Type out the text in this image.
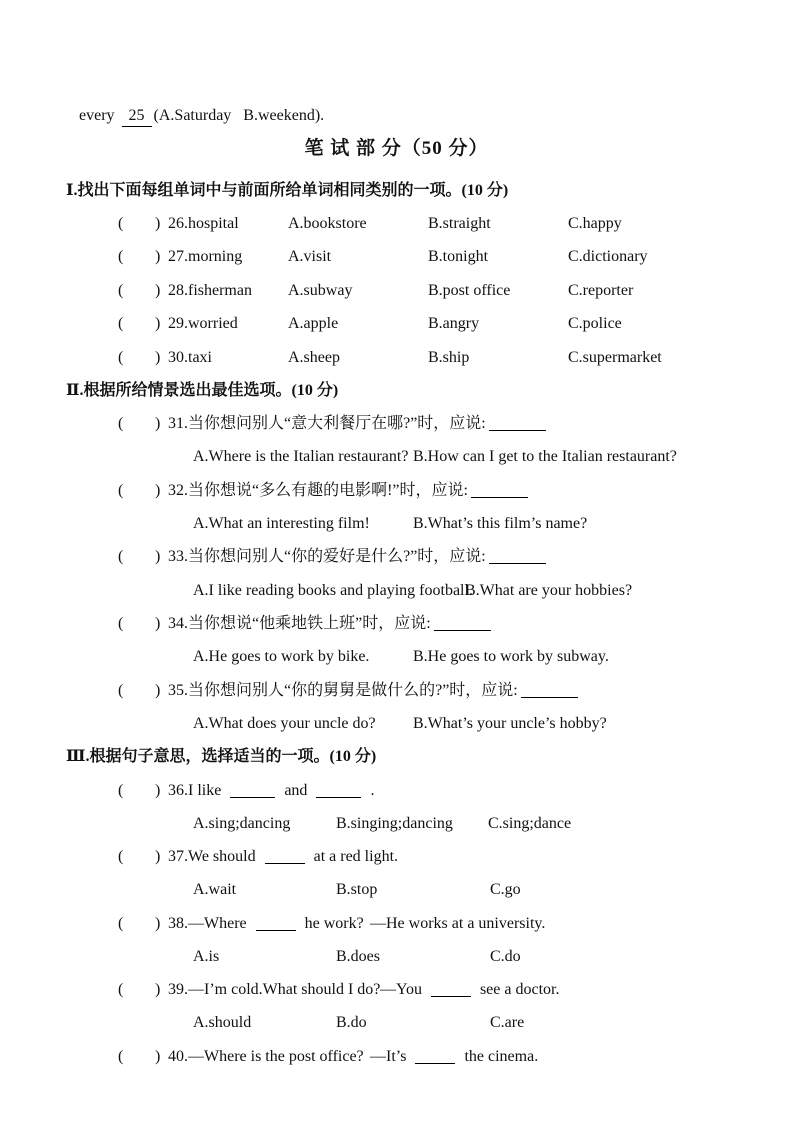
every 25 (A.Saturday B.weekend).
笔 试 部 分（50 分）
Ⅰ.找出下面每组单词中与前面所给单词相同类别的一项。(10 分)
( ) 26.hospital	A.bookstore	B.straight	C.happy
( ) 27.morning	A.visit	B.tonight	C.dictionary
( ) 28.fisherman A.subway	B.post office	C.reporter
( ) 29.worried	A.apple	B.angry	C.police
( ) 30.taxi	A.sheep	B.ship	C.supermarket
Ⅱ.根据所给情景选出最佳选项。(10 分)
( ) 31.当你想问别人“意大利餐厅在哪?”时，应说:
A.Where is the Italian restaurant? B.How can I get to the Italian restaurant?
( ) 32.当你想说“多么有趣的电影啊!”时，应说:
A.What an interesting film!	B.What’s this film’s name?
( ) 33.当你想问别人“你的爱好是什么?”时，应说:
A.I like reading books and playing football.
B.What are your hobbies?
( ) 34.当你想说“他乘地铁上班”时，应说:
A.He goes to work by bike.	B.He goes to work by subway.
( ) 35.当你想问别人“你的舅舅是做什么的?”时，应说:
A.What does your uncle do? B.What’s your uncle’s hobby?
Ⅲ.根据句子意思，选择适当的一项。(10 分)
( ) 36.I like	and	.
A.sing;dancing	B.singing;dancing C.sing;dance
( ) 37.We should	at a red light.
A.wait	B.stop	C.go
( ) 38.—Where	he work? —He works at a university.
A.is	B.does	C.do
( ) 39.—I’m cold.What should I do? —You	see a doctor.
A.should	B.do	C.are
( ) 40.—Where is the post office? —It’s	the cinema.
